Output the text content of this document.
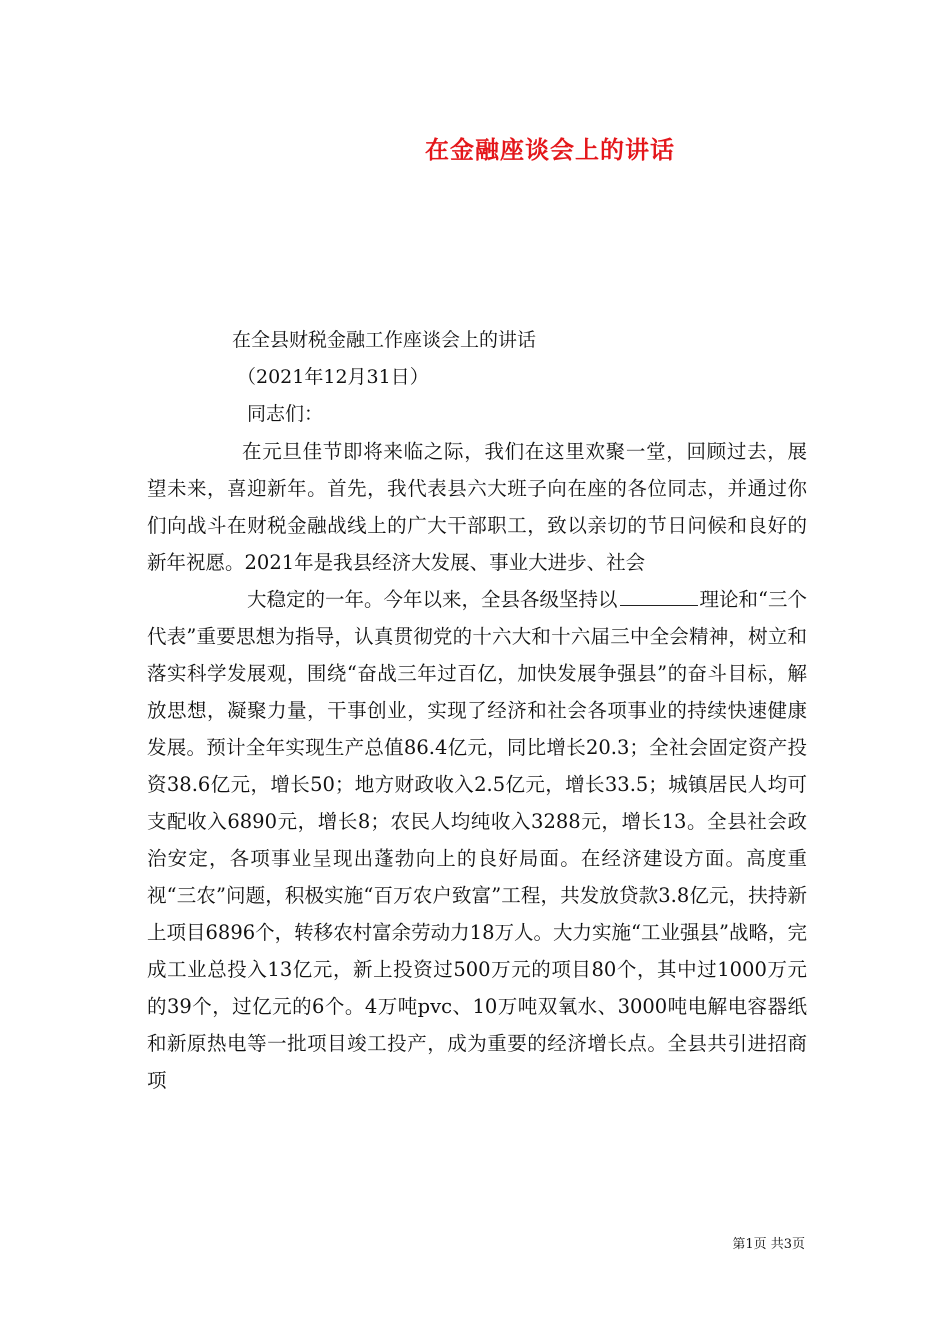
在金融座谈会上的讲话

在全县财税金融工作座谈会上的讲话

（2021年12月31日）

同志们：

在元旦佳节即将来临之际，我们在这里欢聚一堂，回顾过去，展望未来，喜迎新年。首先，我代表县六大班子向在座的各位同志，并通过你们向战斗在财税金融战线上的广大干部职工，致以亲切的节日问候和良好的新年祝愿。2021年是我县经济大发展、事业大进步、社会

大稳定的一年。今年以来，全县各级坚持以	理论和“三个代表”重要思想为指导，认真贯彻党的十六大和十六届三中全会精神，树立和落实科学发展观，围绕“奋战三年过百亿，加快发展争强县”的奋斗目标，解放思想，凝聚力量，干事创业，实现了经济和社会各项事业的持续快速健康发展。预计全年实现生产总值86.4亿元，同比增长20.3；全社会固定资产投资38.6亿元，增长50；地方财政收入2.5亿元，增长33.5；城镇居民人均可支配收入6890元，增长8；农民人均纯收入3288元，增长13。全县社会政治安定，各项事业呈现出蓬勃向上的良好局面。在经济建设方面。高度重视“三农”问题，积极实施“百万农户致富”工程，共发放贷款3.8亿元，扶持新上项目6896个，转移农村富余劳动力18万人。大力实施“工业强县”战略，完成工业总投入13亿元，新上投资过500万元的项目80个，其中过1000万元的39个，过亿元的6个。4万吨pvc、10万吨双氧水、3000吨电解电容器纸和新原热电等一批项目竣工投产，成为重要的经济增长点。全县共引进招商项

第1页 共3页
